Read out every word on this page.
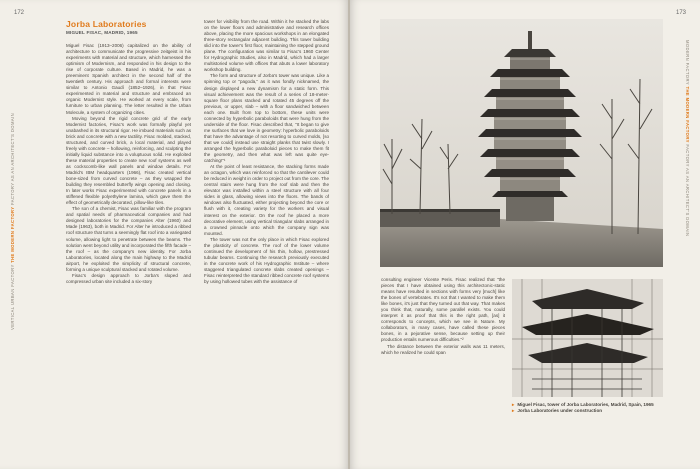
172
VERTICAL URBAN FACTORY THE MODERN FACTORY FACTORY AS AN ARCHITECT'S DOMAIN
Jorba Laboratories
MIGUEL FISAC, MADRID, 1965

Miguel Fisac (1913–2006) capitalized on the ability of architecture to communicate the progressive zeitgeist in his experiments with material and structure, which harnessed the optimism of Modernism, and responded in his design to the rise of corporate culture. Based in Madrid, he was a preeminent Spanish architect in the second half of the twentieth century. His approach and formal interests were similar to Antonio Gaudí (1852–1926), in that Fisac experimented in material and structure and embraced an organic Modernist style. He worked at every scale, from furniture to urban planning. The letter resulted in the Urban Molecule, a system of organizing cities.

Moving beyond the rigid concrete grid of the early Modernist factories, Fisac's work was formally playful yet unabashed in its structural rigor. He imbued materials such as brick and concrete with a new tactility. Fisac molded, stacked, structured, and curved brick, a local material, and played freely with concrete – hollowing, reinforcing, and sculpting the initially liquid substance into a voluptuous solid. He exploited these material properties to create new roof systems as well as cockscomb-like wall panels and window details. For Madrid's IBM headquarters (1966), Fisac created vertical bone-sized from curved concrete – as they wrapped the building they resembled butterfly wings opening and closing. In later works Fisac experimented with concrete panels in a stiffened flexible polyethylene lamina, which gave them the effect of geometrically decorated, pillow-like tiles.

The son of a chemist, Fisac was familiar with the program and spatial needs of pharmaceutical companies and had designed laboratories for the companies Alter (1960) and Made (1963), both in Madrid. For Alter he introduced a ribbed roof structure that turns a seemingly flat roof into a variegated volume, allowing light to penetrate between the beams. The solution went beyond utility and incorporated the fifth facade – the roof – as the company's new identity. For Jorba Laboratories, located along the main highway to the Madrid airport, he exploited the simplicity of structural concrete, forming a unique sculptural stacked and rotated volume.

Fisac's design approach to Jorba's sloped and compressed urban site included a six-story

tower for visibility from the road. Within it he stacked the labs on the lower floors and administrative and research offices above, placing the more spacious workshops in an elongated three-story rectangular adjacent building. This tower building slid into the tower's first floor, maintaining the stepped ground plane. The configuration was similar to Fisac's 1960 Center for Hydrographic Studies, also in Madrid, which had a larger multistoried volume with offices that abuts a lower laboratory workshop building.

The form and structure of Jorba's tower was unique. Like a spinning top or "pagoda," as it was fondly nicknamed, the design displayed a new dynamism for a static form. This visual achievement was the result of a series of 18-meter-square floor plans stacked and rotated 45 degrees off the previous, or upper, slab – with a floor sandwiched between each one. Built from top to bottom, these units were connected by hyperbolic paraboloids that were hung from the underside of the floor. Fisac described that, "It began to give me surfaces that we love in geometry: hyperbolic paraboloids that have the advantage of not resorting to curved molds, [so that we could] instead use straight planks that twist slowly. I arranged the hyperbolic paraboloid pieces to make them fit the geometry, and then what was left was quite eye-catching!"¹

At the point of least resistance, the stacking forms made an octagon, which was reinforced so that the cantilever could be reduced in weight in order to project out from the core. The central stairs were hung from the roof slab and then the elevator was installed within a steel structure with all four sides in glass, allowing views into the floors. The bands of windows also fluctuated, either projecting beyond the core or flush with it, creating variety for the workers and visual interest on the exterior. On the roof he placed a more decorative element, using vertical triangular slabs arranged in a crowned pinnacle onto which the company sign was mounted.

The tower was not the only place in which Fisac explored the plasticity of concrete. The roof of the lower volume continued the development of his thin, hollow, prestressed tubular beams. Continuing the research previously executed in the concrete work of his Hydrographic Institute – where staggered triangulated concrete slabs created openings – Fisac reinterpreted the standard ribbed concrete roof systems by using hollowed tubes with the assistance of

173
MODERN FACTORY THE MODERN FACTORY FACTORY AS AN ARCHITECT'S DOMAIN

consulting engineer Vicente Peris. Fisac realized that "the pieces that I have obtained using this architectonic-static means have resulted in sections with forms very [much] like the bones of vertebrates. It's not that I wanted to make them like bones, it's just that they turned out that way. That makes you think that, naturally, some parallel exists. You could interpret it as proof that this is the right path, [as] it corresponds to concepts, which we see in Nature. My collaborators, in many cases, have called these pieces bones, in a pejorative sense, because setting up their production entails numerous difficulties."²

The distance between the exterior walls was 11 meters, which he realized he could span

▸ Miguel Fisac, tower of Jorba Laboratories, Madrid, Spain, 1965
▸ Jorba Laboratories under construction
